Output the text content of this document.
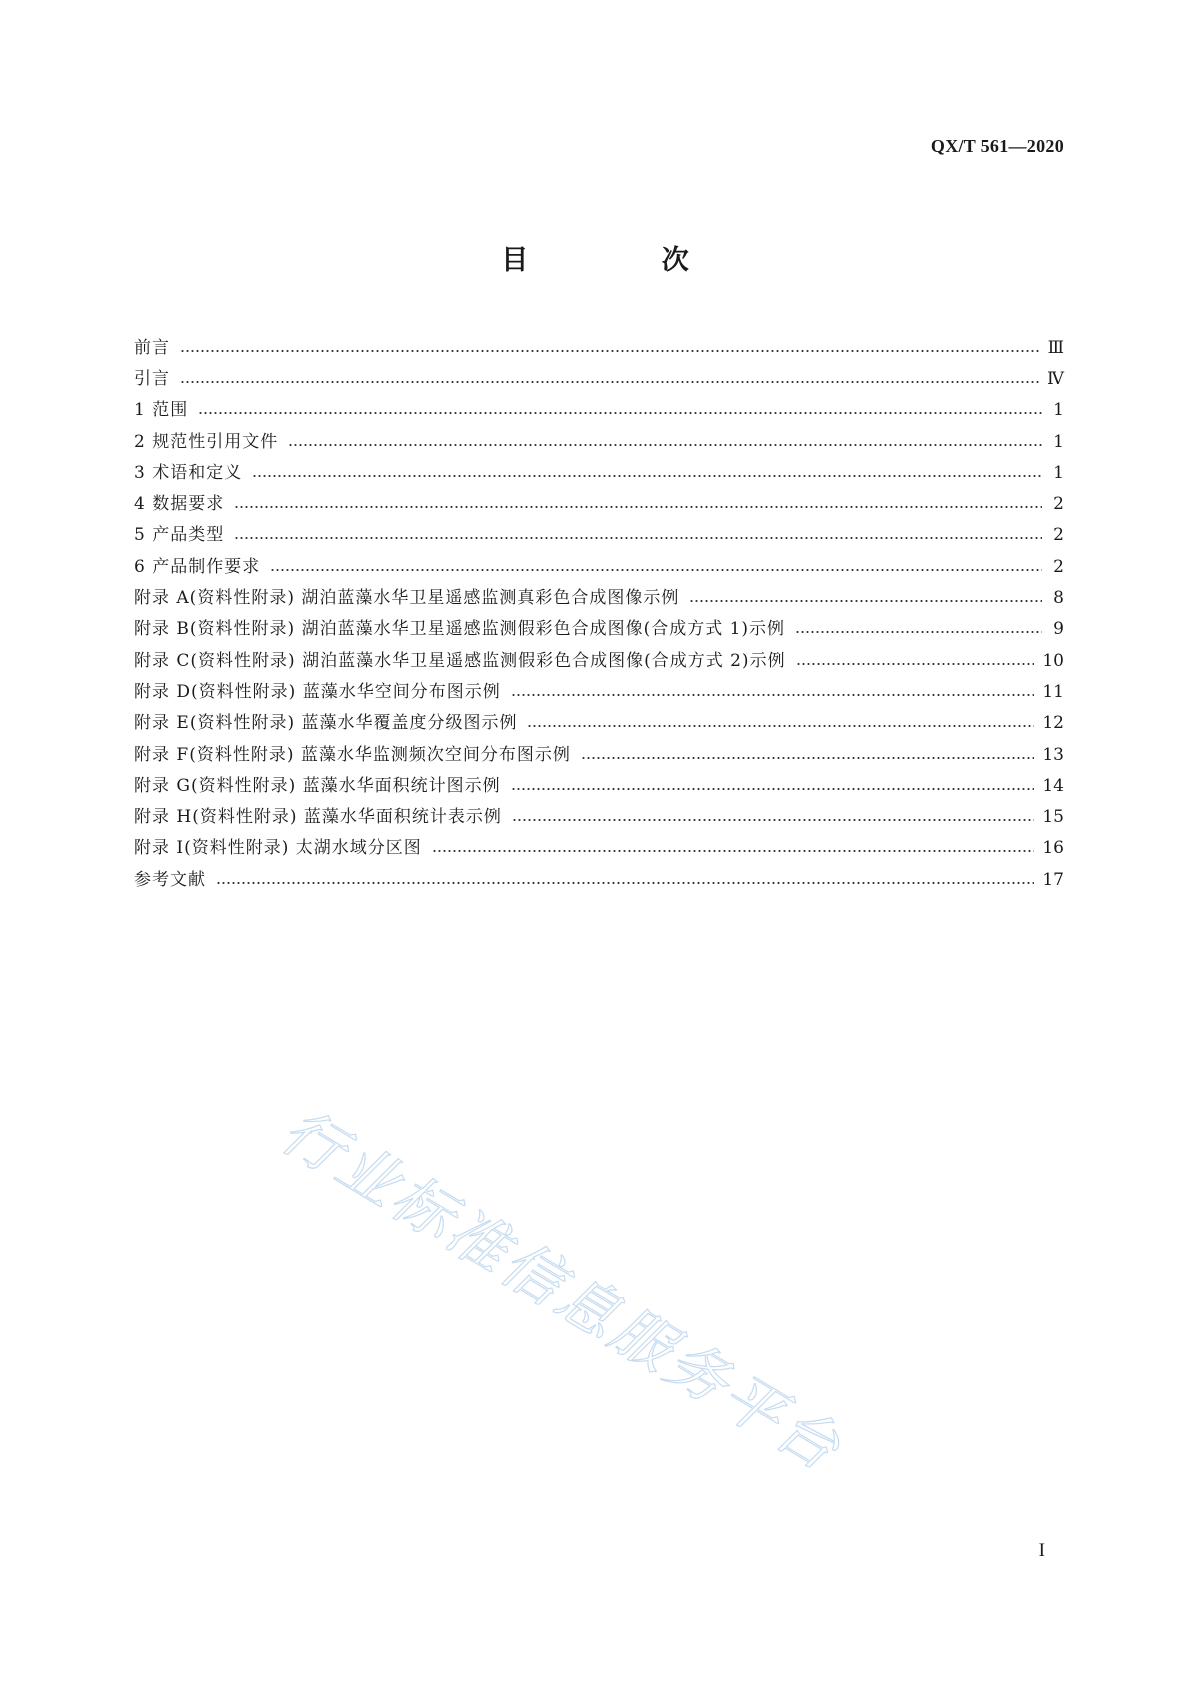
QX/T 561—2020
目 次
前言	Ⅲ
引言	Ⅳ
1 范围	1
2 规范性引用文件	1
3 术语和定义	1
4 数据要求	2
5 产品类型	2
6 产品制作要求	2
附录 A(资料性附录) 湖泊蓝藻水华卫星遥感监测真彩色合成图像示例	8
附录 B(资料性附录) 湖泊蓝藻水华卫星遥感监测假彩色合成图像(合成方式 1)示例	9
附录 C(资料性附录) 湖泊蓝藻水华卫星遥感监测假彩色合成图像(合成方式 2)示例	10
附录 D(资料性附录) 蓝藻水华空间分布图示例	11
附录 E(资料性附录) 蓝藻水华覆盖度分级图示例	12
附录 F(资料性附录) 蓝藻水华监测频次空间分布图示例	13
附录 G(资料性附录) 蓝藻水华面积统计图示例	14
附录 H(资料性附录) 蓝藻水华面积统计表示例	15
附录 I(资料性附录) 太湖水域分区图	16
参考文献	17
行业标准信息服务平台
I
